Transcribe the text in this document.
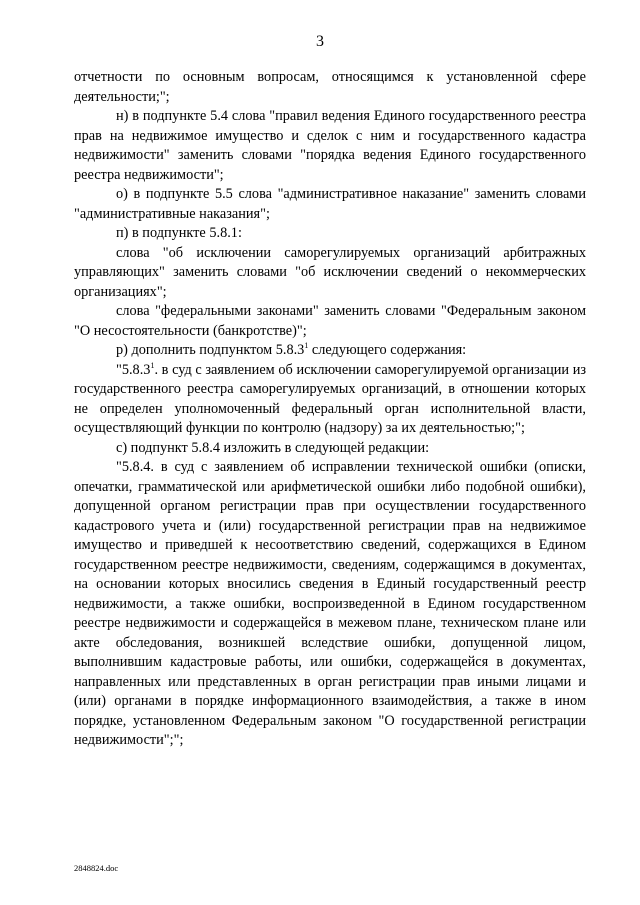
3

отчетности по основным вопросам, относящимся к установленной сфере деятельности;";

н) в подпункте 5.4 слова "правил ведения Единого государственного реестра прав на недвижимое имущество и сделок с ним и государственного кадастра недвижимости" заменить словами "порядка ведения Единого государственного реестра недвижимости";

о) в подпункте 5.5 слова "административное наказание" заменить словами "административные наказания";

п) в подпункте 5.8.1:

слова "об исключении саморегулируемых организаций арбитражных управляющих" заменить словами "об исключении сведений о некоммерческих организациях";

слова "федеральными законами" заменить словами "Федеральным законом "О несостоятельности (банкротстве)";

р) дополнить подпунктом 5.8.3$^1$ следующего содержания:

"5.8.3$^1$. в суд с заявлением об исключении саморегулируемой организации из государственного реестра саморегулируемых организаций, в отношении которых не определен уполномоченный федеральный орган исполнительной власти, осуществляющий функции по контролю (надзору) за их деятельностью;";

с) подпункт 5.8.4 изложить в следующей редакции:

"5.8.4. в суд с заявлением об исправлении технической ошибки (описки, опечатки, грамматической или арифметической ошибки либо подобной ошибки), допущенной органом регистрации прав при осуществлении государственного кадастрового учета и (или) государственной регистрации прав на недвижимое имущество и приведшей к несоответствию сведений, содержащихся в Едином государственном реестре недвижимости, сведениям, содержащимся в документах, на основании которых вносились сведения в Единый государственный реестр недвижимости, а также ошибки, воспроизведенной в Едином государственном реестре недвижимости и содержащейся в межевом плане, техническом плане или акте обследования, возникшей вследствие ошибки, допущенной лицом, выполнившим кадастровые работы, или ошибки, содержащейся в документах, направленных или представленных в орган регистрации прав иными лицами и (или) органами в порядке информационного взаимодействия, а также в ином порядке, установленном Федеральным законом "О государственной регистрации недвижимости";";

2848824.doc
